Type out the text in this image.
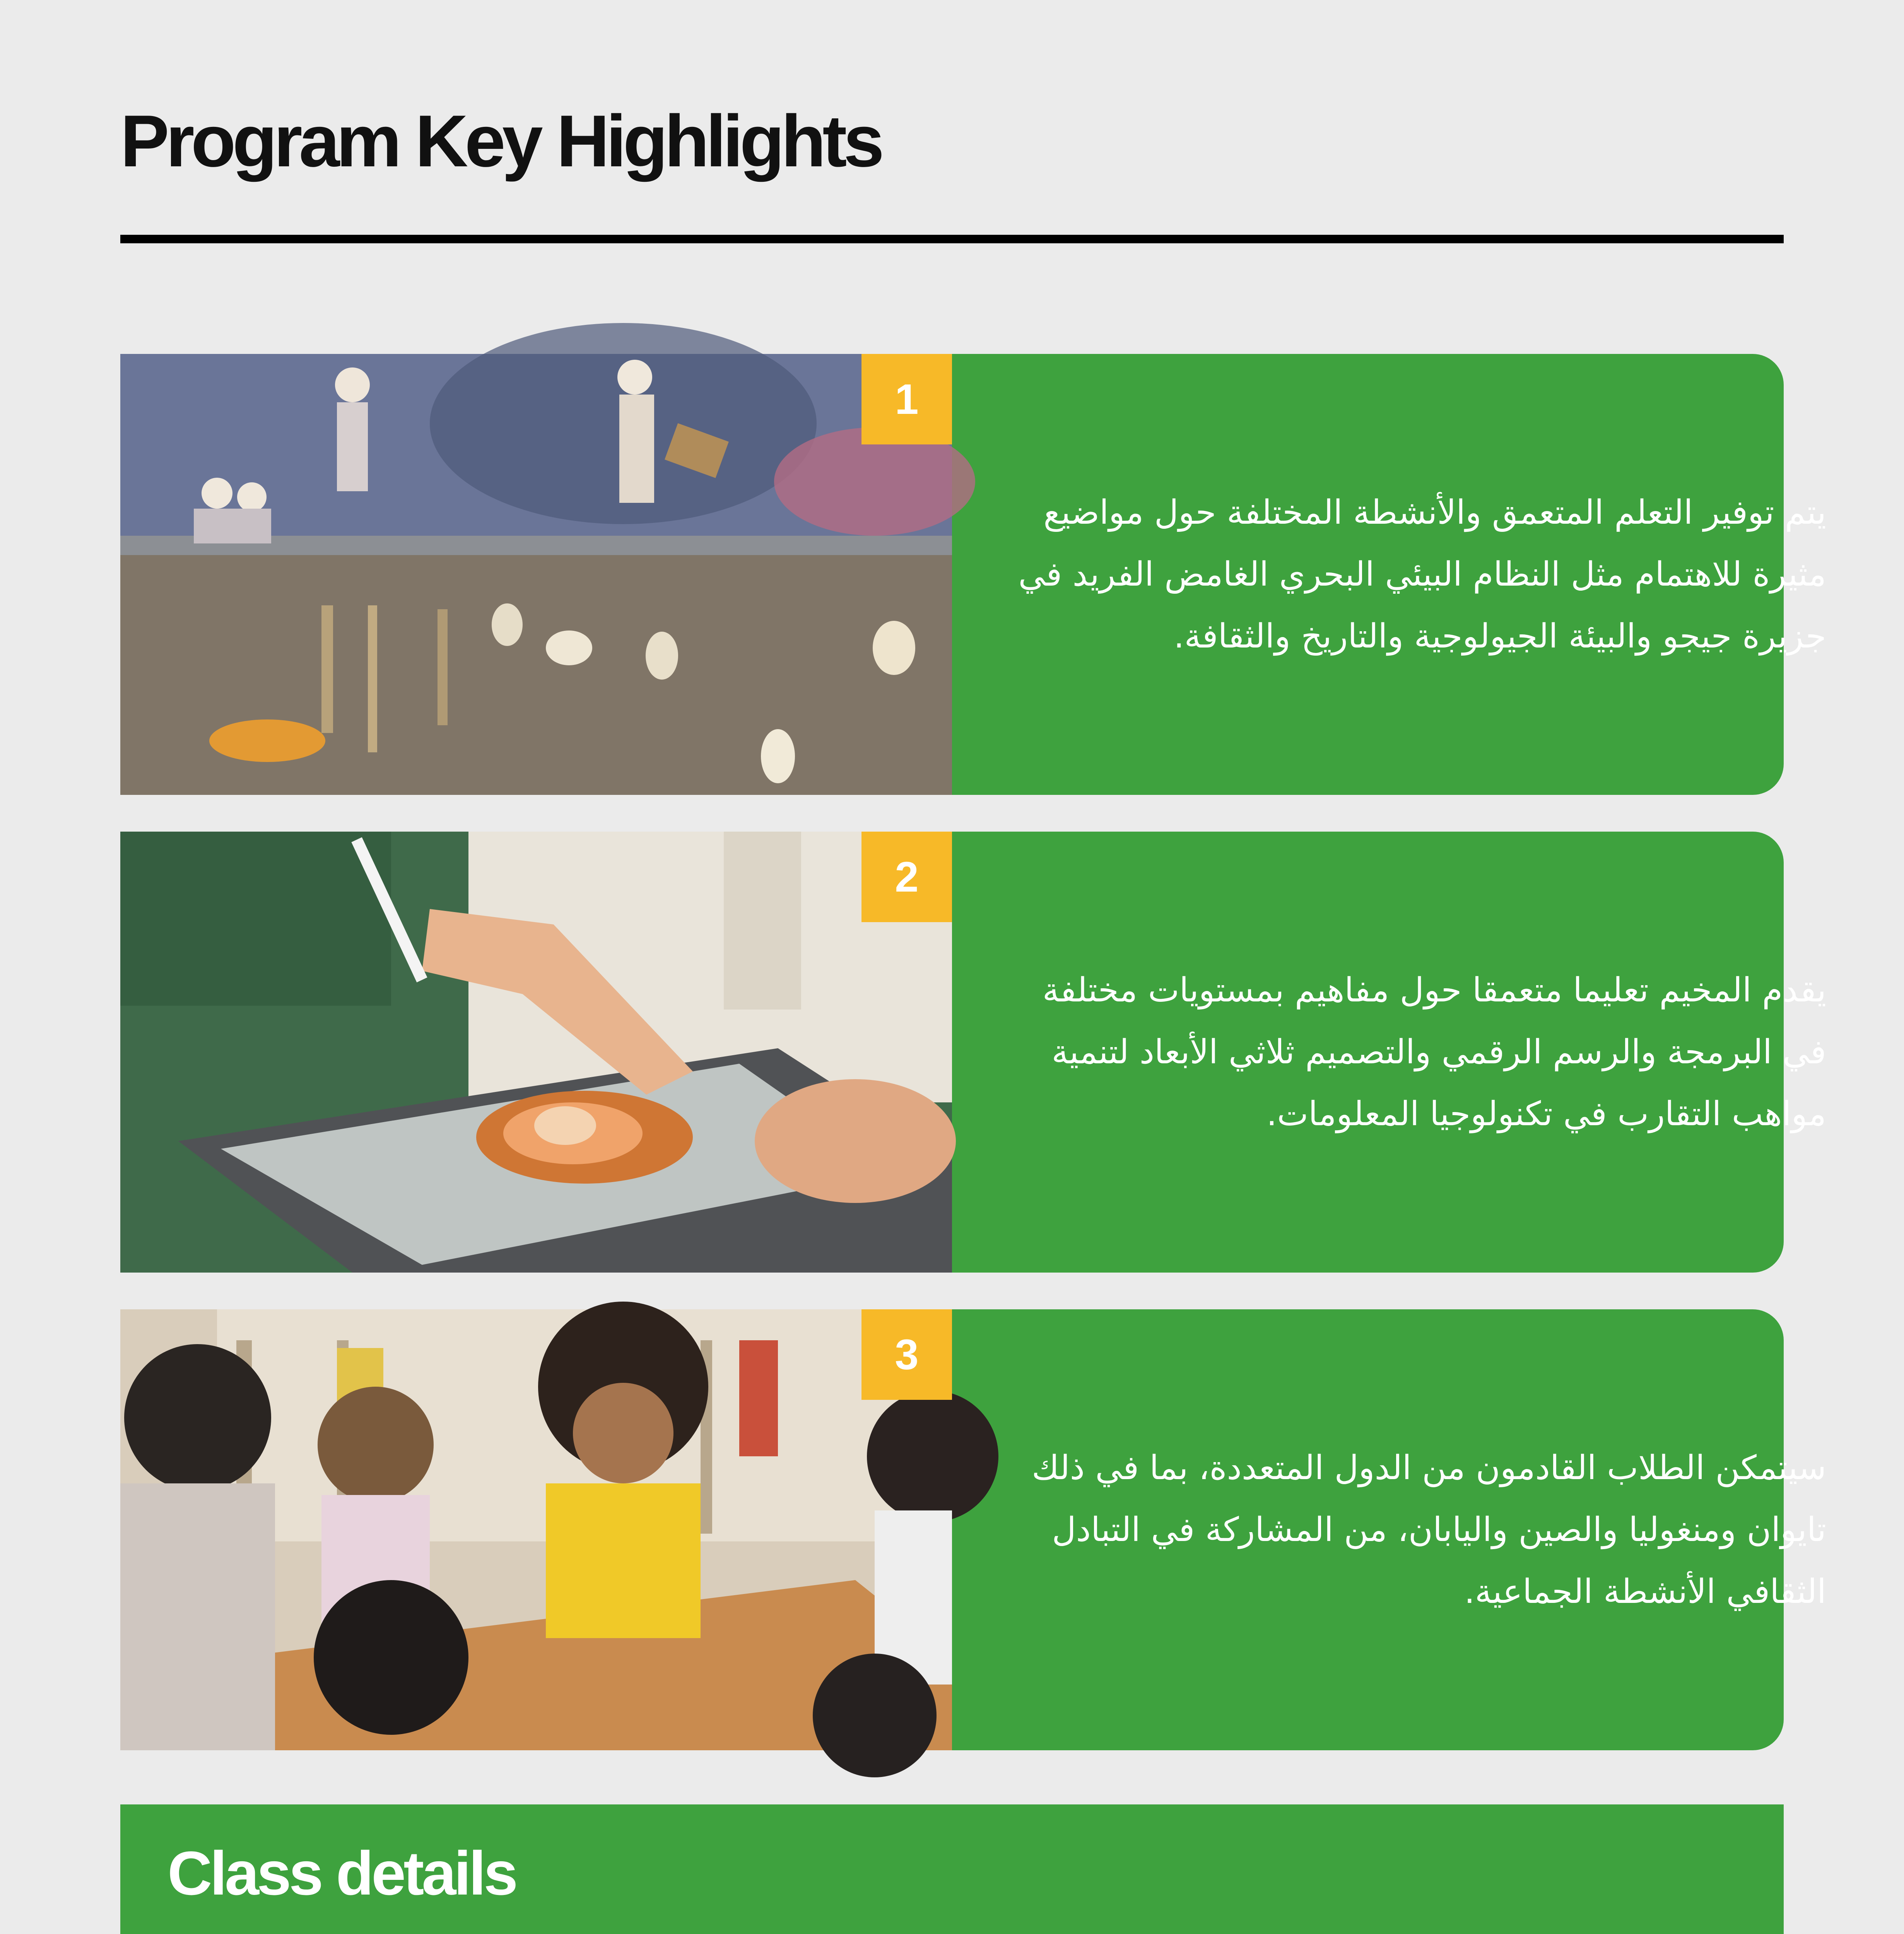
Program Key Highlights
1

يتم توفير التعلم المتعمق والأنشطة المختلفة حول مواضيع مثيرة للاهتمام مثل النظام البيئي البحري الغامض الفريد في جزيرة جيجو والبيئة الجيولوجية والتاريخ والثقافة.

2

يقدم المخيم تعليما متعمقا حول مفاهيم بمستويات مختلفة في البرمجة والرسم الرقمي والتصميم ثلاثي الأبعاد لتنمية مواهب التقارب في تكنولوجيا المعلومات.

3

سيتمكن الطلاب القادمون من الدول المتعددة، بما في ذلك تايوان ومنغوليا والصين واليابان، من المشاركة في التبادل الثقافي الأنشطة الجماعية.

Class details
